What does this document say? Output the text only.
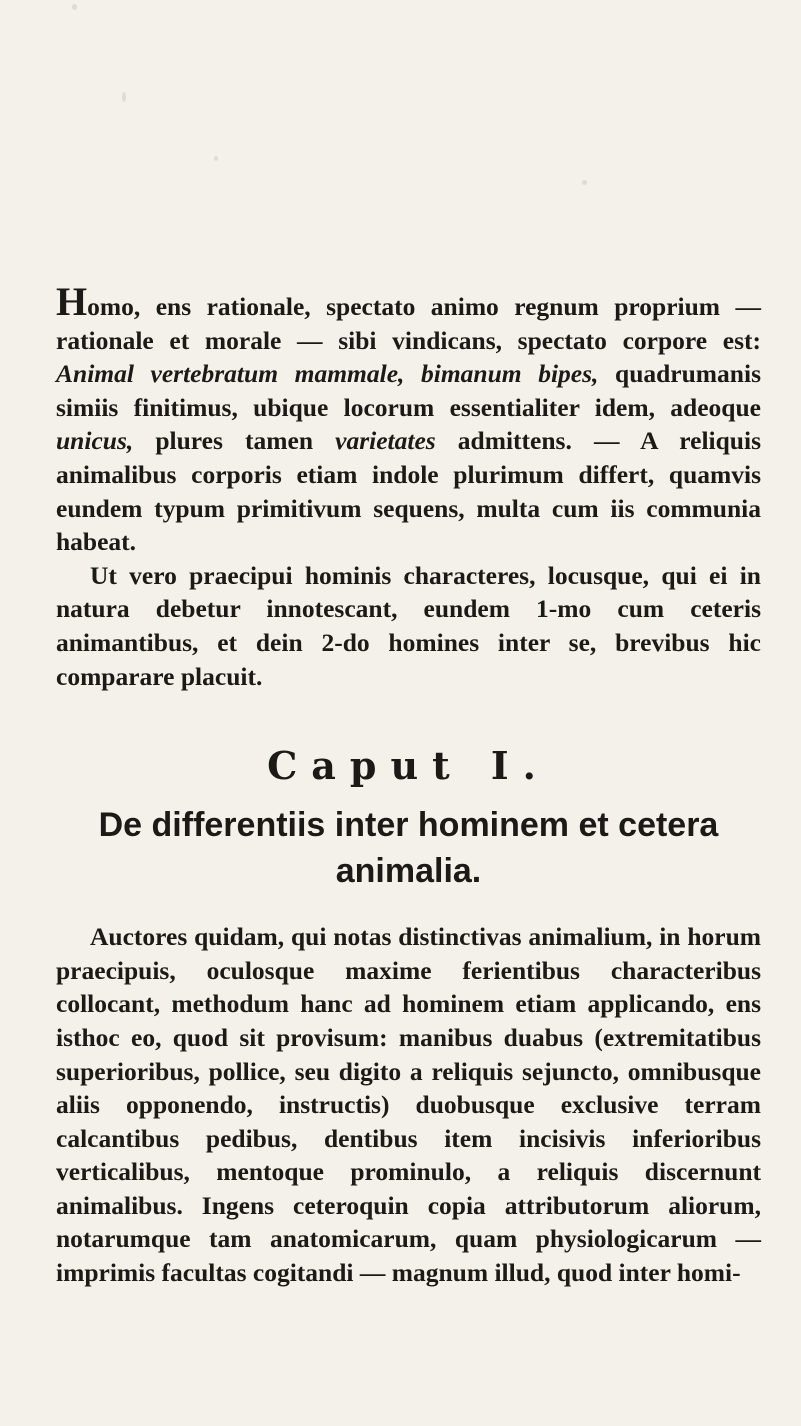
Homo, ens rationale, spectato animo regnum proprium — rationale et morale — sibi vindicans, spectato corpore est: Animal vertebratum mammale, bimanum bipes, quadrumanis simiis finitimus, ubique locorum essentialiter idem, adeoque unicus, plures tamen varietates admittens. — A reliquis animalibus corporis etiam indole plurimum differt, quamvis eundem typum primitivum sequens, multa cum iis communia habeat.

Ut vero praecipui hominis characteres, locusque, qui ei in natura debetur innotescant, eundem 1-mo cum ceteris animantibus, et dein 2-do homines inter se, brevibus hic comparare placuit.

Caput I.
De differentiis inter hominem et cetera animalia.

Auctores quidam, qui notas distinctivas animalium, in horum praecipuis, oculosque maxime ferientibus characteribus collocant, methodum hanc ad hominem etiam applicando, ens isthoc eo, quod sit provisum: manibus duabus (extremitatibus superioribus, pollice, seu digito a reliquis sejuncto, omnibusque aliis opponendo, instructis) duobusque exclusive terram calcantibus pedibus, dentibus item incisivis inferioribus verticalibus, mentoque prominulo, a reliquis discernunt animalibus. Ingens ceteroquin copia attributorum aliorum, notarumque tam anatomicarum, quam physiologicarum — imprimis facultas cogitandi — magnum illud, quod inter homi-
